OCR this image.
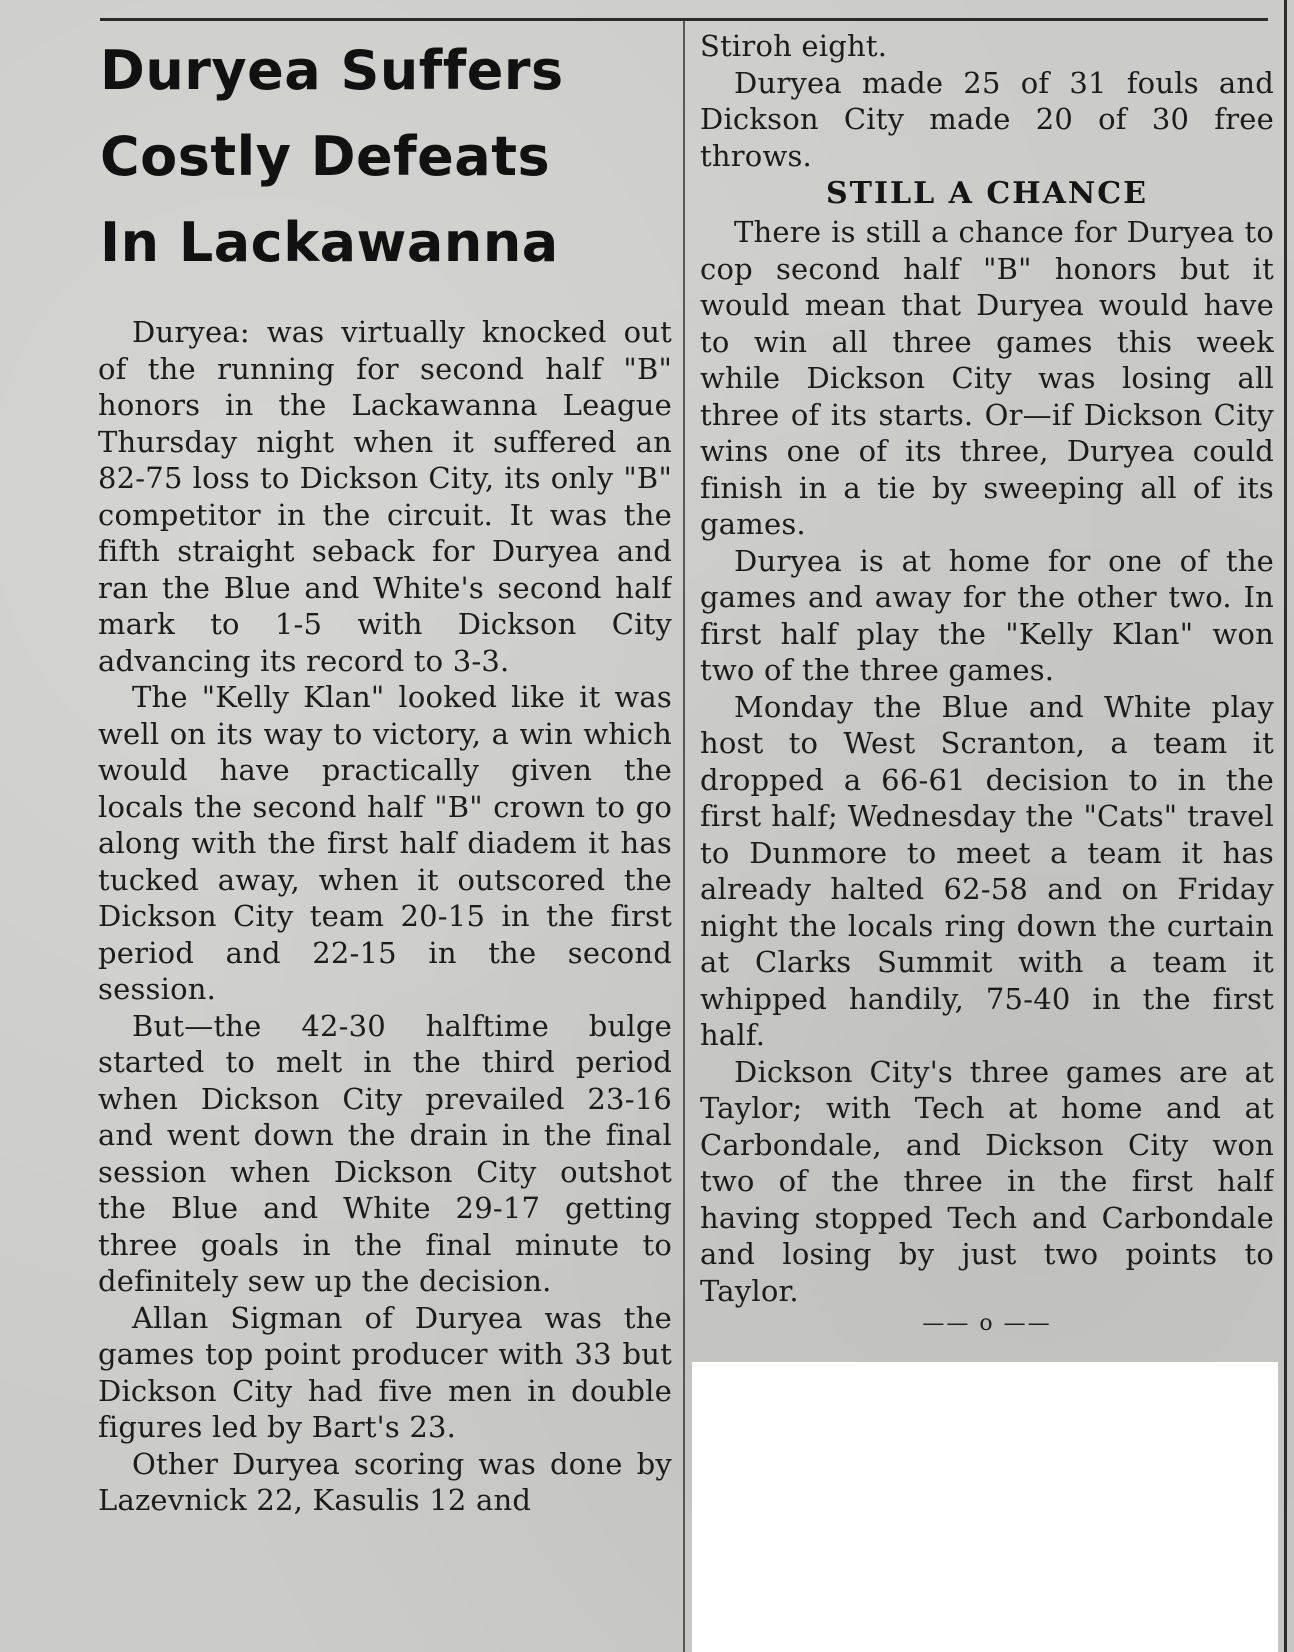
Duryea Suffers
Costly Defeats
In Lackawanna

Duryea: was virtually knocked out of the running for second half "B" honors in the Lackawanna League Thursday night when it suffered an 82-75 loss to Dickson City, its only "B" competitor in the circuit. It was the fifth straight seback for Duryea and ran the Blue and White's second half mark to 1-5 with Dickson City advancing its record to 3-3.

The "Kelly Klan" looked like it was well on its way to victory, a win which would have practically given the locals the second half "B" crown to go along with the first half diadem it has tucked away, when it outscored the Dickson City team 20-15 in the first period and 22-15 in the second session.

But—the 42-30 halftime bulge started to melt in the third period when Dickson City prevailed 23-16 and went down the drain in the final session when Dickson City outshot the Blue and White 29-17 getting three goals in the final minute to definitely sew up the decision.

Allan Sigman of Duryea was the games top point producer with 33 but Dickson City had five men in double figures led by Bart's 23.

Other Duryea scoring was done by Lazevnick 22, Kasulis 12 and

Stiroh eight.

Duryea made 25 of 31 fouls and Dickson City made 20 of 30 free throws.

STILL A CHANCE

There is still a chance for Duryea to cop second half "B" honors but it would mean that Duryea would have to win all three games this week while Dickson City was losing all three of its starts. Or—if Dickson City wins one of its three, Duryea could finish in a tie by sweeping all of its games.

Duryea is at home for one of the games and away for the other two. In first half play the "Kelly Klan" won two of the three games.

Monday the Blue and White play host to West Scranton, a team it dropped a 66-61 decision to in the first half; Wednesday the "Cats" travel to Dunmore to meet a team it has already halted 62-58 and on Friday night the locals ring down the curtain at Clarks Summit with a team it whipped handily, 75-40 in the first half.

Dickson City's three games are at Taylor; with Tech at home and at Carbondale, and Dickson City won two of the three in the first half having stopped Tech and Carbondale and losing by just two points to Taylor.

—— o ——
